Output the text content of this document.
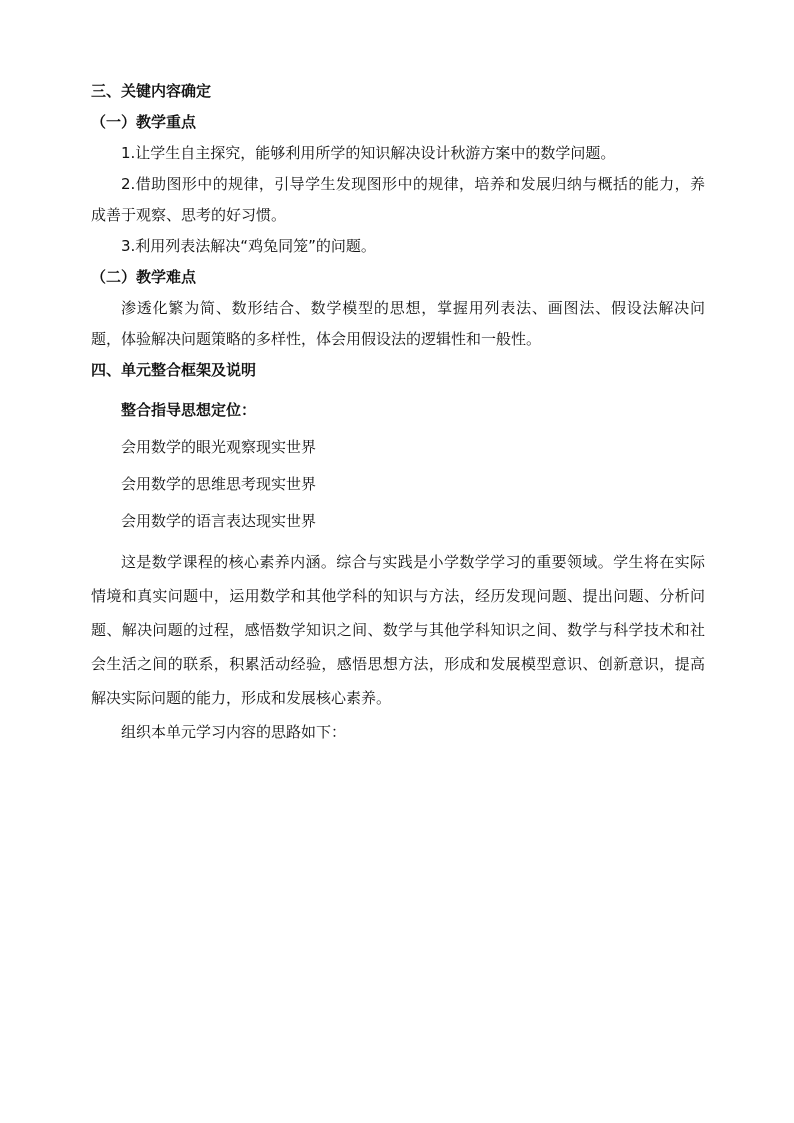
三、关键内容确定
（一）教学重点
1.让学生自主探究，能够利用所学的知识解决设计秋游方案中的数学问题。
2.借助图形中的规律，引导学生发现图形中的规律，培养和发展归纳与概括的能力，养成善于观察、思考的好习惯。
3.利用列表法解决“鸡兔同笼”的问题。
（二）教学难点
渗透化繁为简、数形结合、数学模型的思想，掌握用列表法、画图法、假设法解决问题，体验解决问题策略的多样性，体会用假设法的逻辑性和一般性。
四、单元整合框架及说明
整合指导思想定位：
会用数学的眼光观察现实世界
会用数学的思维思考现实世界
会用数学的语言表达现实世界
这是数学课程的核心素养内涵。综合与实践是小学数学学习的重要领域。学生将在实际情境和真实问题中，运用数学和其他学科的知识与方法，经历发现问题、提出问题、分析问题、解决问题的过程，感悟数学知识之间、数学与其他学科知识之间、数学与科学技术和社会生活之间的联系，积累活动经验，感悟思想方法，形成和发展模型意识、创新意识，提高解决实际问题的能力，形成和发展核心素养。
组织本单元学习内容的思路如下：
